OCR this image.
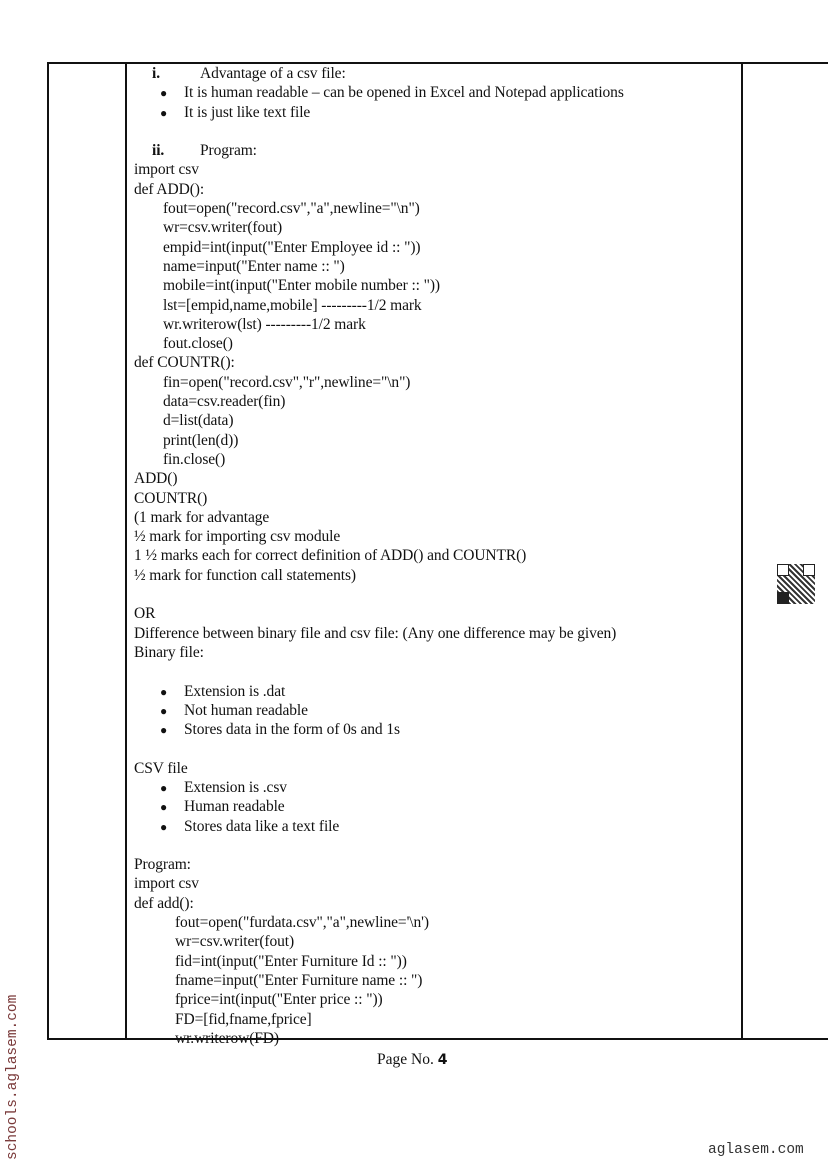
i.	Advantage of a csv file:
● It is human readable – can be opened in Excel and Notepad applications
● It is just like text file
ii. Program:
import csv
def ADD():
fout=open("record.csv","a",newline="\n")
wr=csv.writer(fout)
empid=int(input("Enter Employee id :: "))
name=input("Enter name :: ")
mobile=int(input("Enter mobile number :: "))
lst=[empid,name,mobile] ---------1/2 mark
wr.writerow(lst) ---------1/2 mark
fout.close()
def COUNTR():
fin=open("record.csv","r",newline="\n")
data=csv.reader(fin)
d=list(data)
print(len(d))
fin.close()
ADD()
COUNTR()
(1 mark for advantage
½ mark for importing csv module
1 ½ marks each for correct definition of ADD() and COUNTR()
½ mark for function call statements)
OR
Difference between binary file and csv file: (Any one difference may be given)
Binary file:
● Extension is .dat
● Not human readable
● Stores data in the form of 0s and 1s
CSV file
● Extension is .csv
● Human readable
● Stores data like a text file
Program:
import csv
def add():
fout=open("furdata.csv","a",newline='\n')
wr=csv.writer(fout)
fid=int(input("Enter Furniture Id :: "))
fname=input("Enter Furniture name :: ")
fprice=int(input("Enter price :: "))
FD=[fid,fname,fprice]
wr.writerow(FD)
Page No. 4
schools.aglasem.com	aglasem.com
